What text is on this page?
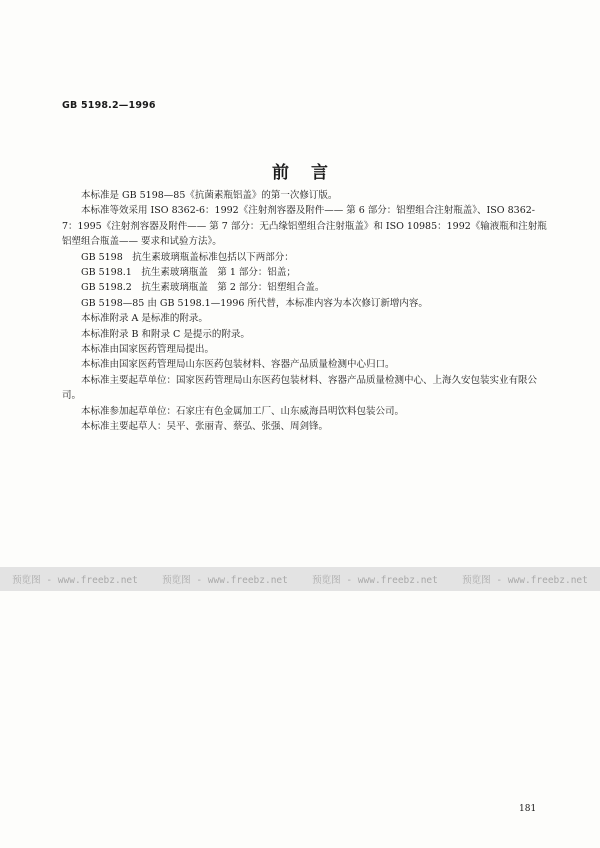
GB 5198.2—1996
前言

本标准是 GB 5198—85《抗菌素瓶铝盖》的第一次修订版。

本标准等效采用 ISO 8362-6：1992《注射剂容器及附件—— 第 6 部分：铝塑组合注射瓶盖》、ISO 8362-7：1995《注射剂容器及附件—— 第 7 部分：无凸缘铝塑组合注射瓶盖》和 ISO 10985：1992《输液瓶和注射瓶铝塑组合瓶盖—— 要求和试验方法》。

GB 5198　抗生素玻璃瓶盖标准包括以下两部分：

GB 5198.1　抗生素玻璃瓶盖　第 1 部分：铝盖；

GB 5198.2　抗生素玻璃瓶盖　第 2 部分：铝塑组合盖。

GB 5198—85 由 GB 5198.1—1996 所代替，本标准内容为本次修订新增内容。

本标准附录 A 是标准的附录。

本标准附录 B 和附录 C 是提示的附录。

本标准由国家医药管理局提出。

本标准由国家医药管理局山东医药包装材料、容器产品质量检测中心归口。

本标准主要起草单位：国家医药管理局山东医药包装材料、容器产品质量检测中心、上海久安包装实业有限公司。

本标准参加起草单位：石家庄有色金属加工厂、山东威海昌明饮料包装公司。

本标准主要起草人：吴平、张丽青、蔡弘、张强、周剑锋。

预览图 - www.freebz.net	预览图 - www.freebz.net	预览图 - www.freebz.net	预览图 - www.freebz.net
181
